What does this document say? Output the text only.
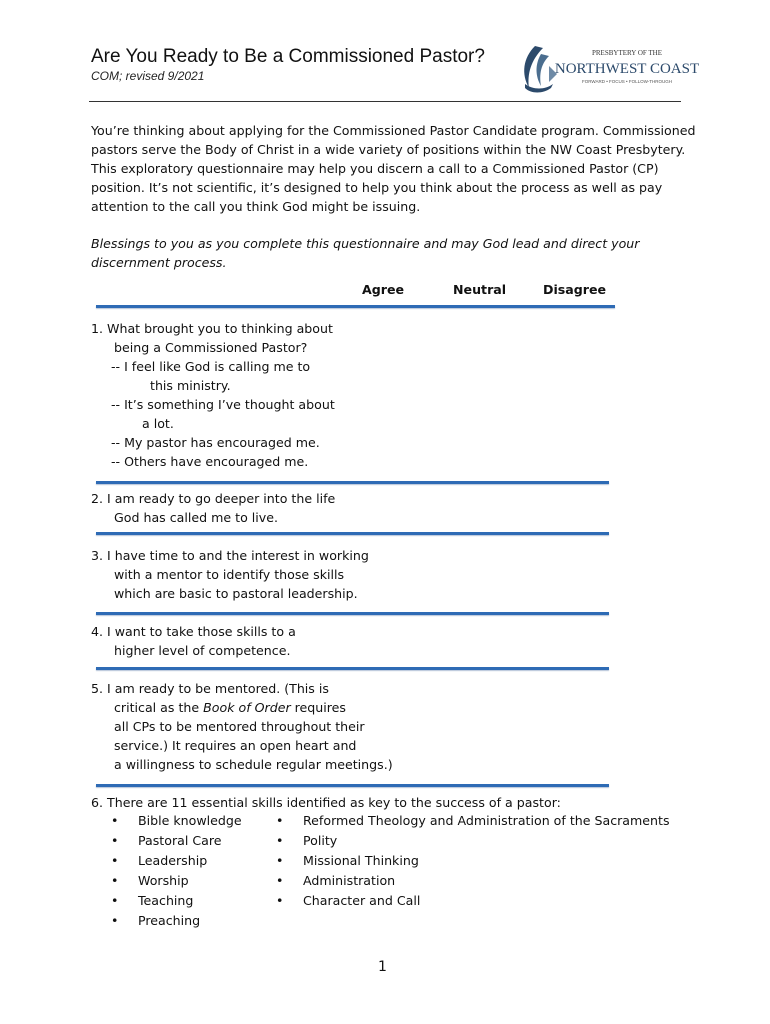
Are You Ready to Be a Commissioned Pastor?
COM; revised 9/2021
PRESBYTERY OF THE
NORTHWEST COAST
FORWARD • FOCUS • FOLLOW-THROUGH
You’re thinking about applying for the Commissioned Pastor Candidate program. Commissioned pastors serve the Body of Christ in a wide variety of positions within the NW Coast Presbytery. This exploratory questionnaire may help you discern a call to a Commissioned Pastor (CP) position. It’s not scientific, it’s designed to help you think about the process as well as pay attention to the call you think God might be issuing.
Blessings to you as you complete this questionnaire and may God lead and direct your discernment process.
Agree	Neutral	Disagree
1. What brought you to thinking about
being a Commissioned Pastor?
-- I feel like God is calling me to
this ministry.
-- It’s something I’ve thought about
a lot.
-- My pastor has encouraged me.
-- Others have encouraged me.
2. I am ready to go deeper into the life
God has called me to live.
3. I have time to and the interest in working
with a mentor to identify those skills
which are basic to pastoral leadership.
4. I want to take those skills to a
higher level of competence.
5. I am ready to be mentored. (This is
critical as the Book of Order requires
all CPs to be mentored throughout their
service.) It requires an open heart and
a willingness to schedule regular meetings.)
6. There are 11 essential skills identified as key to the success of a pastor:
• Bible knowledge
• Pastoral Care
• Leadership
• Worship
• Teaching
• Preaching
• Reformed Theology and Administration of the Sacraments
• Polity
• Missional Thinking
• Administration
• Character and Call
1
